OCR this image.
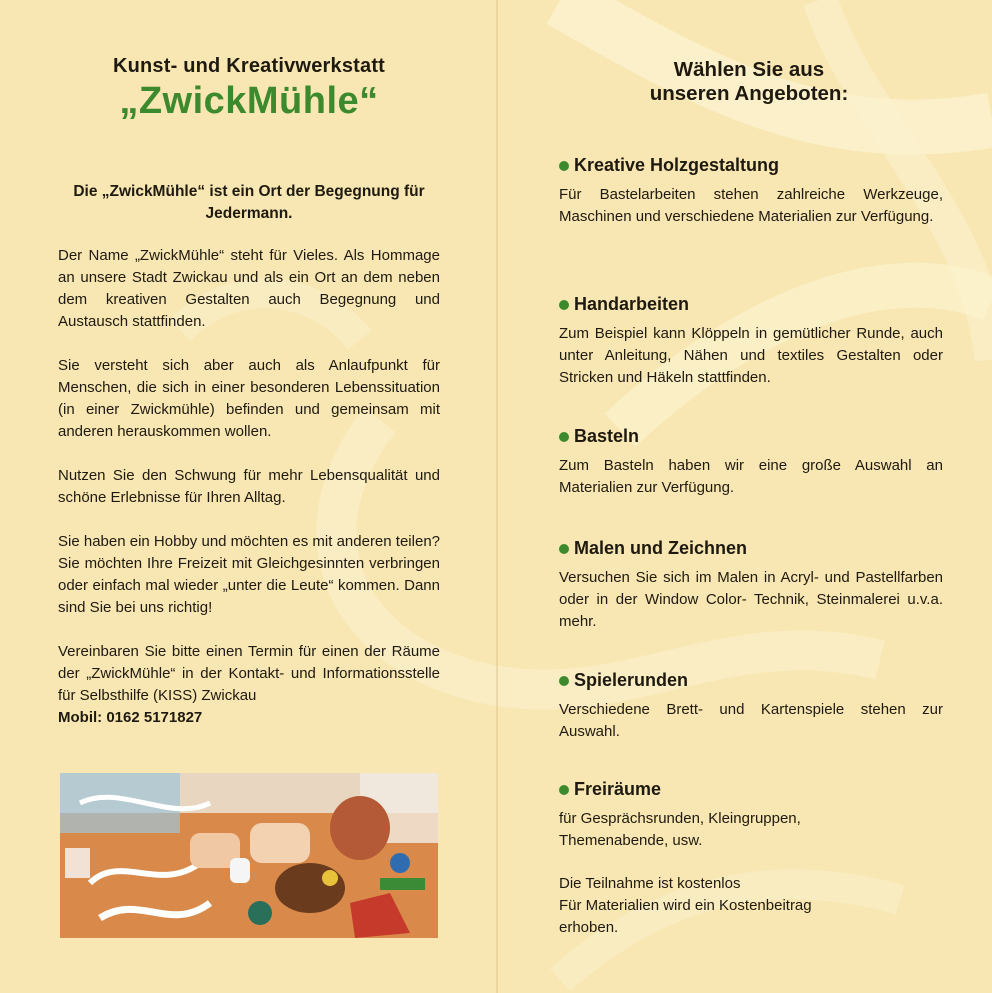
Kunst- und Kreativwerkstatt

„ZwickMühle“

Die „ZwickMühle“ ist ein Ort der Begegnung für Jedermann.

Der Name „ZwickMühle“ steht für Vieles. Als Hommage an unsere Stadt Zwickau und als ein Ort an dem neben dem kreativen Gestalten auch Begegnung und Austausch stattfinden.

Sie versteht sich aber auch als Anlaufpunkt für Menschen, die sich in einer besonderen Lebenssituation (in einer Zwickmühle) befinden und gemeinsam mit anderen herauskommen wollen.

Nutzen Sie den Schwung für mehr Lebensqualität und schöne Erlebnisse für Ihren Alltag.

Sie haben ein Hobby und möchten es mit anderen teilen? Sie möchten Ihre Freizeit mit Gleichgesinnten verbringen oder einfach mal wieder „unter die Leute“ kommen. Dann sind Sie bei uns richtig!

Vereinbaren Sie bitte einen Termin für einen der Räume der „ZwickMühle“ in der Kontakt- und Informationsstelle für Selbsthilfe (KISS) Zwickau
Mobil: 0162 5171827

Wählen Sie aus
unseren Angeboten:

Kreative Holzgestaltung

Für Bastelarbeiten stehen zahlreiche Werkzeuge, Maschinen und verschiedene Materialien zur Verfügung.

Handarbeiten

Zum Beispiel kann Klöppeln in gemütlicher Runde, auch unter Anleitung, Nähen und textiles Gestalten oder Stricken und Häkeln stattfinden.

Basteln

Zum Basteln haben wir eine große Auswahl an Materialien zur Verfügung.

Malen und Zeichnen

Versuchen Sie sich im Malen in Acryl- und Pastellfarben oder in der Window Color- Technik, Steinmalerei u.v.a. mehr.

Spielerunden

Verschiedene Brett- und Kartenspiele stehen zur Auswahl.

Freiräume

für Gesprächsrunden, Kleingruppen, Themenabende, usw.

Die Teilnahme ist kostenlos
Für Materialien wird ein Kostenbeitrag erhoben.
